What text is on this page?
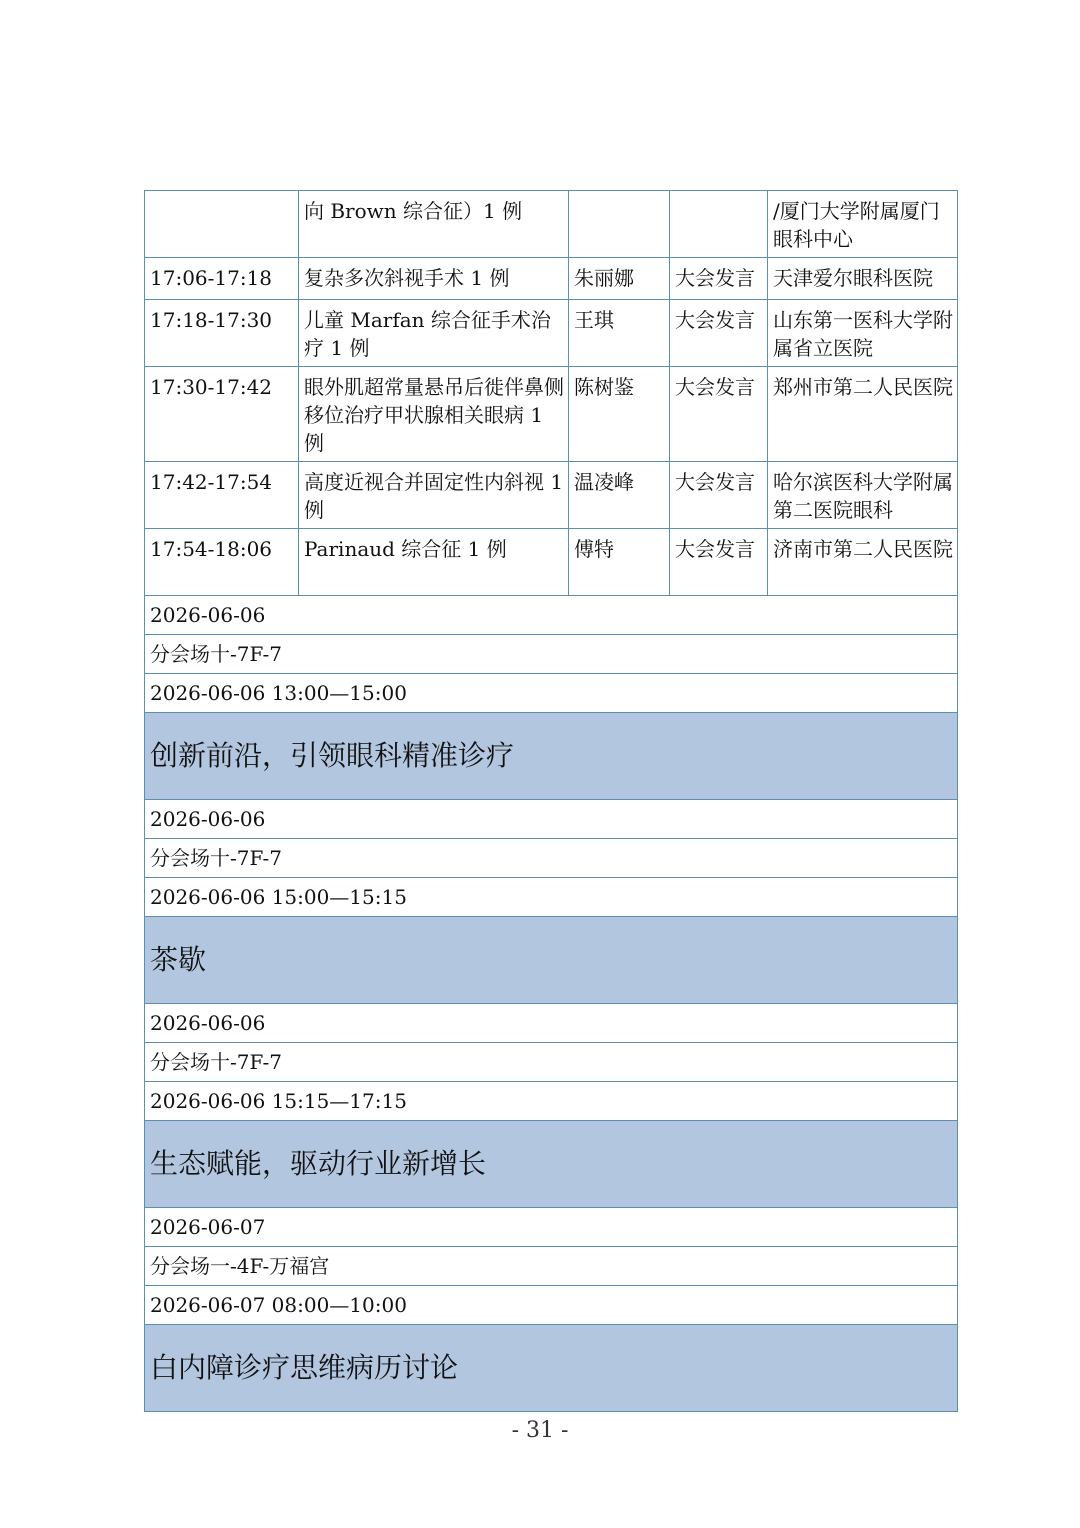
	向 Brown 综合征）1 例			/厦门大学附属厦门眼科中心
17:06-17:18	复杂多次斜视手术 1 例	朱丽娜	大会发言	天津爱尔眼科医院
17:18-17:30	儿童 Marfan 综合征手术治疗 1 例	王琪	大会发言	山东第一医科大学附属省立医院
17:30-17:42	眼外肌超常量悬吊后徙伴鼻侧移位治疗甲状腺相关眼病 1 例	陈树鉴	大会发言	郑州市第二人民医院
17:42-17:54	高度近视合并固定性内斜视 1 例	温凌峰	大会发言	哈尔滨医科大学附属第二医院眼科
17:54-18:06	Parinaud 综合征 1 例	傅特	大会发言	济南市第二人民医院
2026-06-06				
分会场十-7F-7				
2026-06-06 13:00—15:00				
创新前沿，引领眼科精准诊疗				
2026-06-06				
分会场十-7F-7				
2026-06-06 15:00—15:15				
茶歇				
2026-06-06				
分会场十-7F-7				
2026-06-06 15:15—17:15				
生态赋能，驱动行业新增长				
2026-06-07				
分会场一-4F-万福宫				
2026-06-07 08:00—10:00				
白内障诊疗思维病历讨论				
- 31 -
